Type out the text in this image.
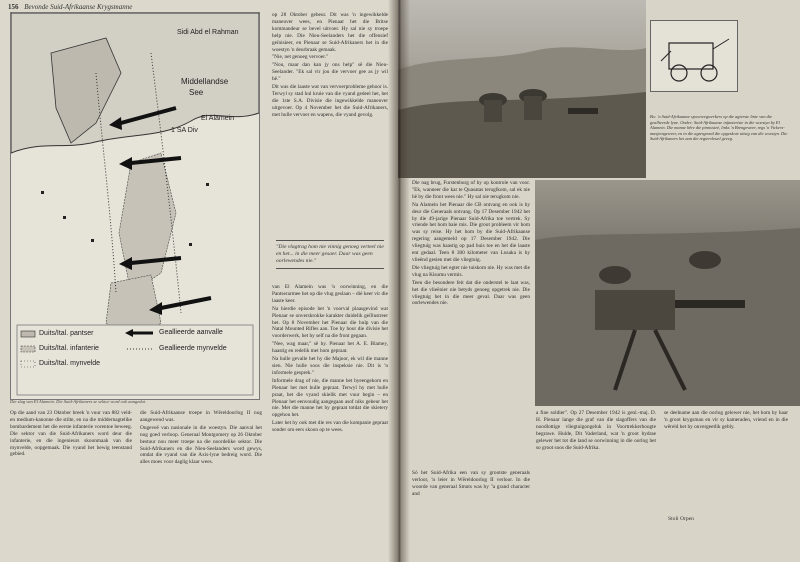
156 Bevonde Suid-Afrikaanse Krygsmanne
Sidi Abd el Rahman
Middellandse
See
El Alamein
1 SA Div
Duits/Ital. pantser
Duits/Ital. infanterie
Duits/Ital. mynvelde
Geallieerde aanvalle
Geallieerde mynvelde
Die slag van El Alamein. Die Suid-Afrikaners se sektor word ook aangedui.

Op die aand van 23 Oktober breek 'n vuur van 882 veld- en medium-kanonne die stilte, en na die middernagtelike bombardement het die eerste infanterie vorentoe beweeg. Die sektor van die Suid-Afrikaners word deur die infanterie, en die ingenieurs skoonmaak van die mynvelde, oopgemaak. Die vyand het hewig teenstand gebied.

die Suid-Afrikaanse troepe in Wêreldoorlog II nog aangewend was.

Ongeveë van nasionale in die woestyn. Die aanval het nog goed verloop. Generaal Montgomery op 26 Oktober bestuur nou meer troepe na die noordelike sektor. Die Suid-Afrikaners en die Nieu-Seelanders word gewys, omdat die vyand van die Axis-lyne bedreig word. Die alles moes voor daglig klaar wees.

op 28 Oktober gebeur. Dit was 'n ingewikkelde maneuver wees, en Pienaar het die Britse kommandeur se bevel uitvoer. Hy sal nie sy troepe help nie. Die Nieu-Seelanders het die offensief geïnisieer, en Pienaar se Suid-Afrikaners het in die woestyn 'n deurbraak gemaak.

"Nie, net genoeg vervoer."

"Nou, maar dan kan jy ons help" sê die Nieu-Seelander. "Ek sal vir jou die vervoer gee as jy wil hê."

Dit was die laaste wat van vervoerprobleme gehoor is. Terwyl sy stad hul kruie van die vyand gedeel het, het die 1ste S.A. Divisie die ingewikkelde maneuver uitgevoer. Op 4 November het die Suid-Afrikaners, met hulle vervoer en wapens, die vyand gevolg.

"Die vlagtrag hom nie vinnig genoeg verteel nie en het... in die meer gesaer. Daar was geen oorlewendes nie."

van El Alamein was 'n oorwinning, en die Pantserarmee het op die vlug geslaan – dié keer vir die laaste keer.

Na hierdie episode het 'n voorval plaasgevind wat Pienaar se onverskrokke karakter duidelik geïllustreer het. Op 8 November het Pienaar die hulp van die Natal Mounted Rifles aan. Toe hy hoor die divisie het voorderwerk, het hy self na die front gegaan.

"Nee, wag maar," sê hy. Pienaar het A. E. Blamey, haastig en redelik met hom gepraat.

Na hulle gevalle het hy die Majoor, ek wil die manne sien. Nie hulle soos die inspeksie nie. Dit is 'n informele gesprek."

Informele drag of nie, die manne het byeengekom en Pienaar het met hulle gepraat. Terwyl hy met hulle praat, het die vyand skielik met vuur begin – en Pienaar het eenvoudig aangegaan asof niks gebeur het nie. Met die manne het hy gepraat totdat die skietery opgehou het.

Later het hy ook met die res van die kompanie gepraat sonder om eers skoon op te wees.

Bo: 'n Suid-Afrikaanse spoorwegwerkers op die agterste linie van die geallieerde lyne. Onder: Suid-Afrikaanse infanteriste in die woestyn by El Alamein. Die manne bêre die pinnosieë, links 'n Brengeweer, regs 'n Vickers-masjiengeweer, en in die agtergrond die opgeskote uitsig van die woestyn. Die Suid-Afrikaners het aan die regtervleuel geveg.

Die nag brug, Furstenburg of hy op kontrole van voor. "Ek, wanneer die kar te Quasatas teruglkom, sal ek nie hê by die front wees nie." Hy sal nie terugkom nie.

Na Alamein het Pienaar die CB ontvang en ook is hy deur die Generaals ontvang. Op 17 Desember 1942 het hy die 49-jarige Pienaar Suid-Afrika toe vertrek. Sy vriende het hom baie mis. Die groot probleem vir hom was sy reise. Hy het hom by die Suid-Afrikaanse regering aangemeld op 17 Desember 1942. Die vliegtuig was haastig op pad huis toe en het die laaste ent gedaal. Teen 8 300 kilometer van Lusaka is hy vlieënd gesien met die vliegtuig.

Die vliegtuig het egter nie tuiskom nie. Hy was met die vlug na Kisumu vermis.

Teen die besondere feit dat die onderstel te laat was, het die vlieënier nie betyds genoeg opgetrek nie. Die vliegtuig het in die meer geval. Daar was geen oorlewendes nie.

Só het Suid-Afrika een van sy grootste generaals verloor, 'n leier in Wêreldoorlog II verloor. In die woorde van generaal Smuts was hy "a grand character and

a fine soldier". Op 27 Desember 1942 is genl.-maj. D. H. Pienaar lange die graf van die slagoffers van die noodlottige vliegtuigongeluk in Voortrekkerhoogte begrawe. Hulde, Dit Vaderland, wat 'n groot bydrae gelewer het tot die land se oorwinning in die oorlog het so groot soos die Suid-Afrika.

se deelname aan die oorlog gelewer nie, het hom hy haar 'n groot krygsman en vir sy kameraden, vriend en in die wêreld het hy onvergeetlik gebly.

Stoli Orpen
